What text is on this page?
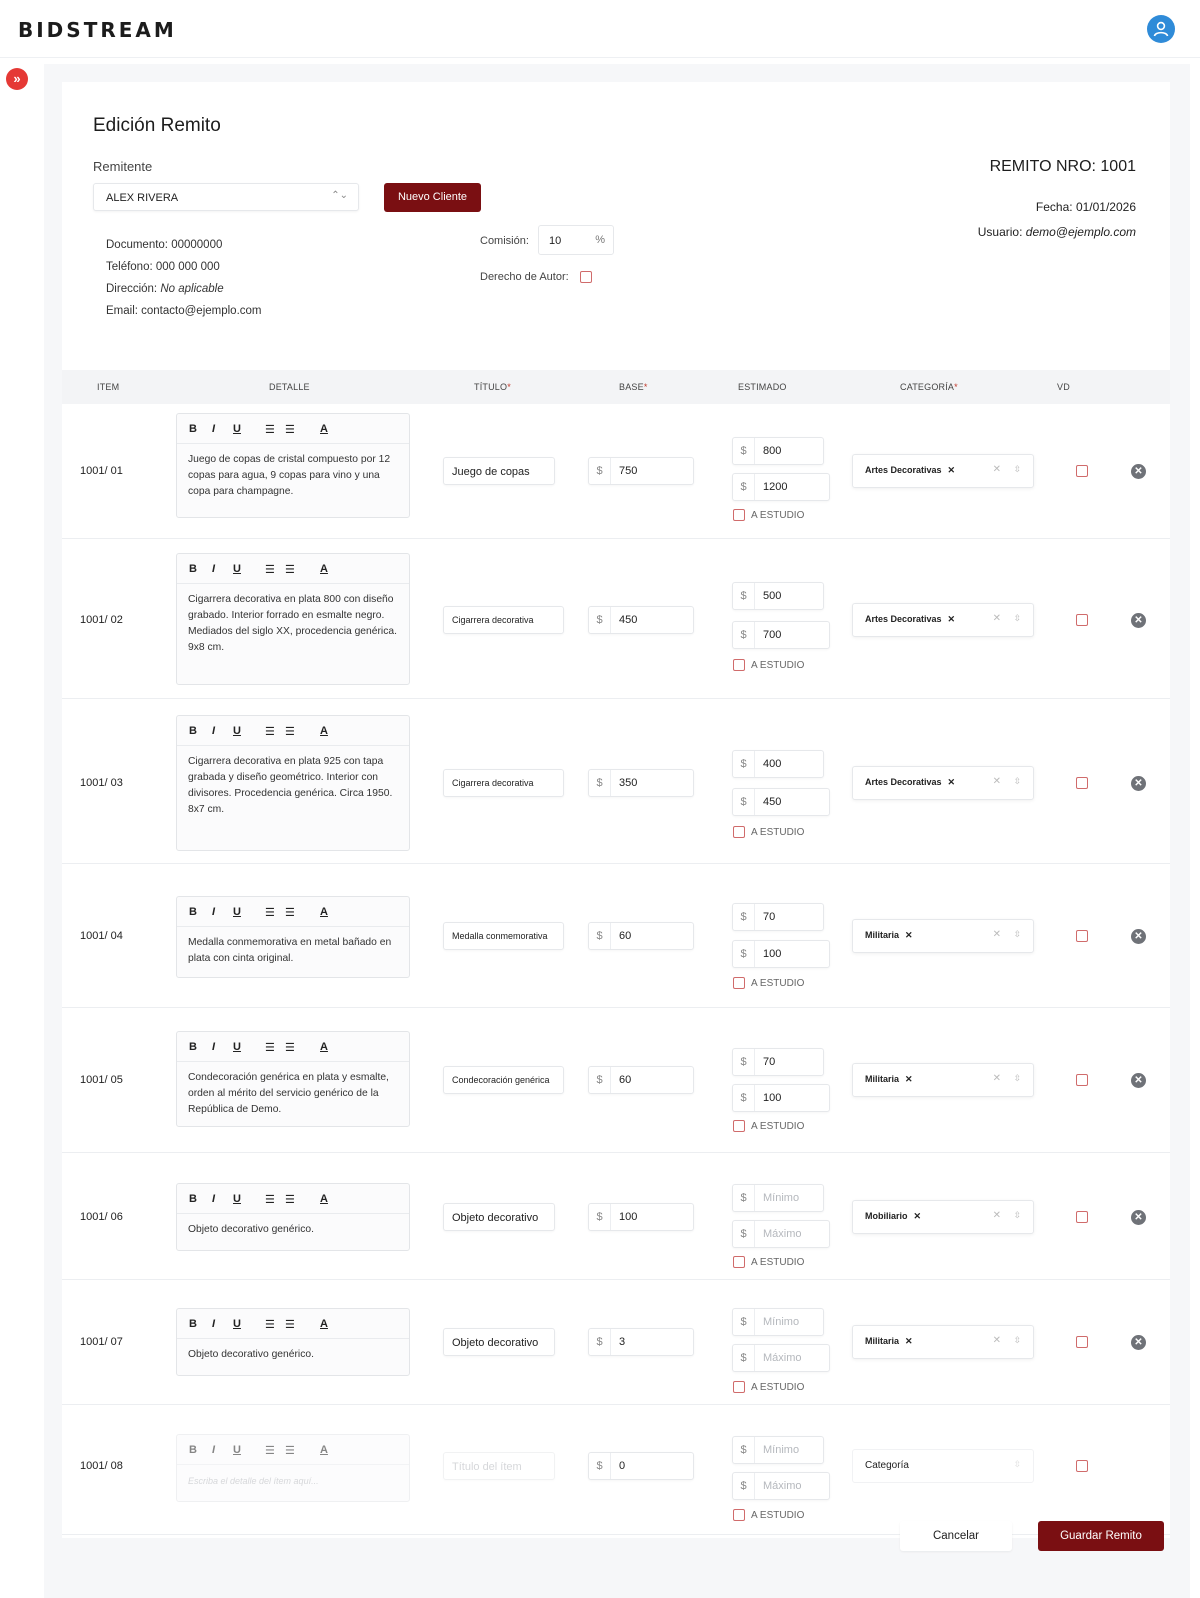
BIDSTREAM
»
Edición Remito
Remitente
ALEX RIVERA	⌃⌄	Nuevo Cliente
Documento: 00000000
Teléfono: 000 000 000
Dirección: No aplicable
Email: contacto@ejemplo.com
Comisión:	10	%
Derecho de Autor:
REMITO NRO: 1001
Fecha: 01/01/2026
Usuario: demo@ejemplo.com
ITEM	DETALLE	TÍTULO*	BASE*	ESTIMADO	CATEGORÍA*	VD
1001/ 01
B I U ☰ ☰ A
Juego de copas de cristal compuesto por 12 copas para agua, 9 copas para vino y una copa para champagne.
Juego de copas	$	750
$	800
$	1200
A ESTUDIO
Artes Decorativas ✕	✕ ⇳	✕
1001/ 02
B I U ☰ ☰ A
Cigarrera decorativa en plata 800 con diseño grabado. Interior forrado en esmalte negro. Mediados del siglo XX, procedencia genérica. 9x8 cm.
Cigarrera decorativa	$	450
$	500
$	700
A ESTUDIO
Artes Decorativas ✕	✕ ⇳	✕
1001/ 03
B I U ☰ ☰ A
Cigarrera decorativa en plata 925 con tapa grabada y diseño geométrico. Interior con divisores. Procedencia genérica. Circa 1950. 8x7 cm.
Cigarrera decorativa	$	350
$	400
$	450
A ESTUDIO
Artes Decorativas ✕	✕ ⇳	✕
1001/ 04
B I U ☰ ☰ A
Medalla conmemorativa en metal bañado en plata con cinta original.
Medalla conmemorativa	$	60
$	70
$	100
A ESTUDIO
Militaria ✕	✕ ⇳	✕
1001/ 05
B I U ☰ ☰ A
Condecoración genérica en plata y esmalte, orden al mérito del servicio genérico de la República de Demo.
Condecoración genérica	$	60
$	70
$	100
A ESTUDIO
Militaria ✕	✕ ⇳	✕
1001/ 06
B I U ☰ ☰ A
Objeto decorativo genérico.
Objeto decorativo	$	100
$	Mínimo
$	Máximo
A ESTUDIO
Mobiliario ✕	✕ ⇳	✕
1001/ 07
B I U ☰ ☰ A
Objeto decorativo genérico.
Objeto decorativo	$	3
$	Mínimo
$	Máximo
A ESTUDIO
Militaria ✕	✕ ⇳	✕
1001/ 08
B I U ☰ ☰ A
Escriba el detalle del ítem aquí...
Título del ítem	$	0
$	Mínimo
$	Máximo
A ESTUDIO
Categoría	⇳
Cancelar	Guardar Remito
